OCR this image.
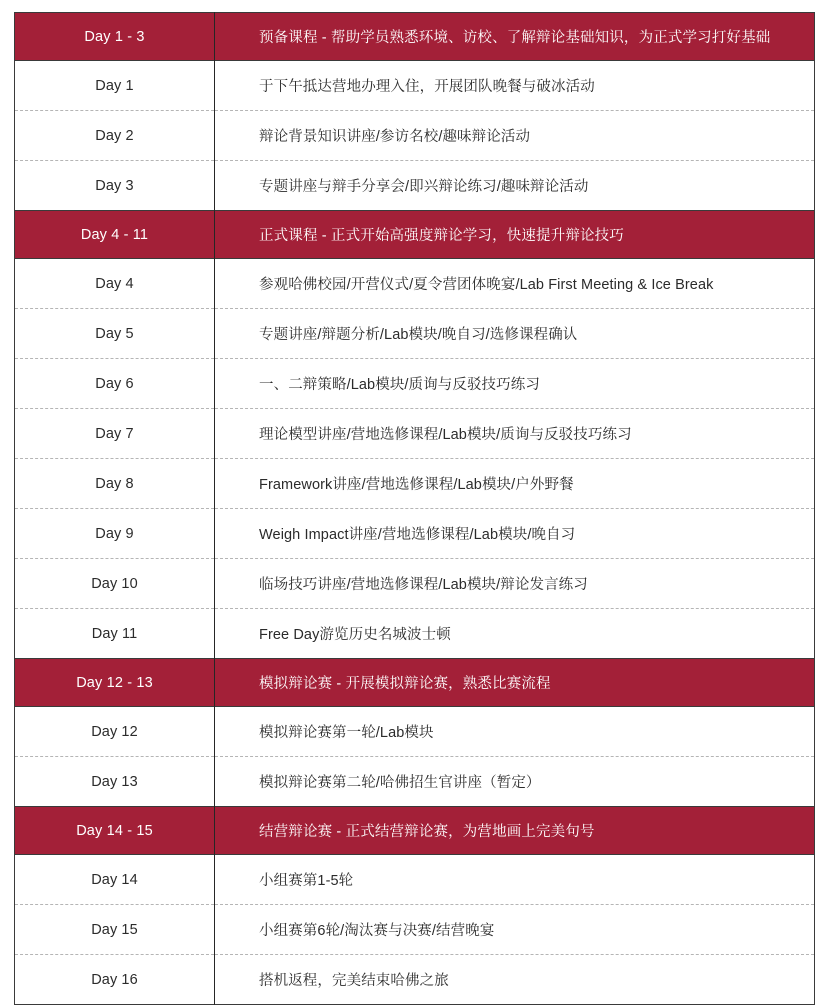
Day 1 - 3	预备课程 - 帮助学员熟悉环境、访校、了解辩论基础知识，为正式学习打好基础
Day 1	于下午抵达营地办理入住，开展团队晚餐与破冰活动
Day 2	辩论背景知识讲座/参访名校/趣味辩论活动
Day 3	专题讲座与辩手分享会/即兴辩论练习/趣味辩论活动
Day 4 - 11	正式课程 - 正式开始高强度辩论学习，快速提升辩论技巧
Day 4	参观哈佛校园/开营仪式/夏令营团体晚宴/Lab First Meeting & Ice Break
Day 5	专题讲座/辩题分析/Lab模块/晚自习/选修课程确认
Day 6	一、二辩策略/Lab模块/质询与反驳技巧练习
Day 7	理论模型讲座/营地选修课程/Lab模块/质询与反驳技巧练习
Day 8	Framework讲座/营地选修课程/Lab模块/户外野餐
Day 9	Weigh Impact讲座/营地选修课程/Lab模块/晚自习
Day 10	临场技巧讲座/营地选修课程/Lab模块/辩论发言练习
Day 11	Free Day游览历史名城波士顿
Day 12 - 13	模拟辩论赛 - 开展模拟辩论赛，熟悉比赛流程
Day 12	模拟辩论赛第一轮/Lab模块
Day 13	模拟辩论赛第二轮/哈佛招生官讲座（暂定）
Day 14 - 15	结营辩论赛 - 正式结营辩论赛，为营地画上完美句号
Day 14	小组赛第1-5轮
Day 15	小组赛第6轮/淘汰赛与决赛/结营晚宴
Day 16	搭机返程，完美结束哈佛之旅
